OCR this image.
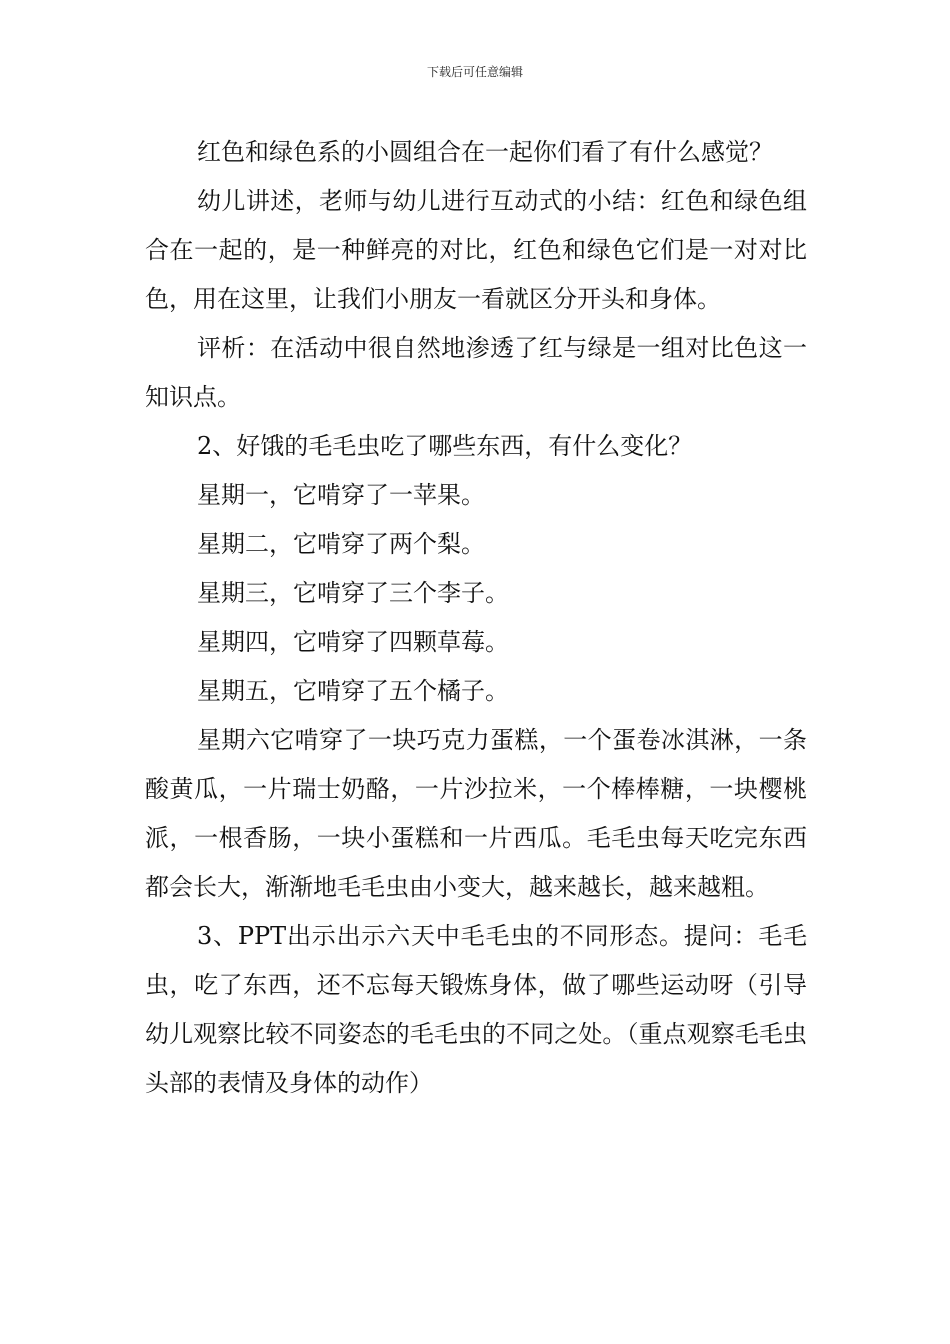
下载后可任意编辑

红色和绿色系的小圆组合在一起你们看了有什么感觉？

幼儿讲述，老师与幼儿进行互动式的小结：红色和绿色组合在一起的，是一种鲜亮的对比，红色和绿色它们是一对对比色，用在这里，让我们小朋友一看就区分开头和身体。

评析：在活动中很自然地渗透了红与绿是一组对比色这一知识点。

2、好饿的毛毛虫吃了哪些东西，有什么变化？

星期一，它啃穿了一苹果。

星期二，它啃穿了两个梨。

星期三，它啃穿了三个李子。

星期四，它啃穿了四颗草莓。

星期五，它啃穿了五个橘子。

星期六它啃穿了一块巧克力蛋糕，一个蛋卷冰淇淋，一条酸黄瓜，一片瑞士奶酪，一片沙拉米，一个棒棒糖，一块樱桃派，一根香肠，一块小蛋糕和一片西瓜。毛毛虫每天吃完东西都会长大，渐渐地毛毛虫由小变大，越来越长，越来越粗。

3、PPT出示出示六天中毛毛虫的不同形态。提问：毛毛虫，吃了东西，还不忘每天锻炼身体，做了哪些运动呀（引导幼儿观察比较不同姿态的毛毛虫的不同之处。（重点观察毛毛虫头部的表情及身体的动作）
